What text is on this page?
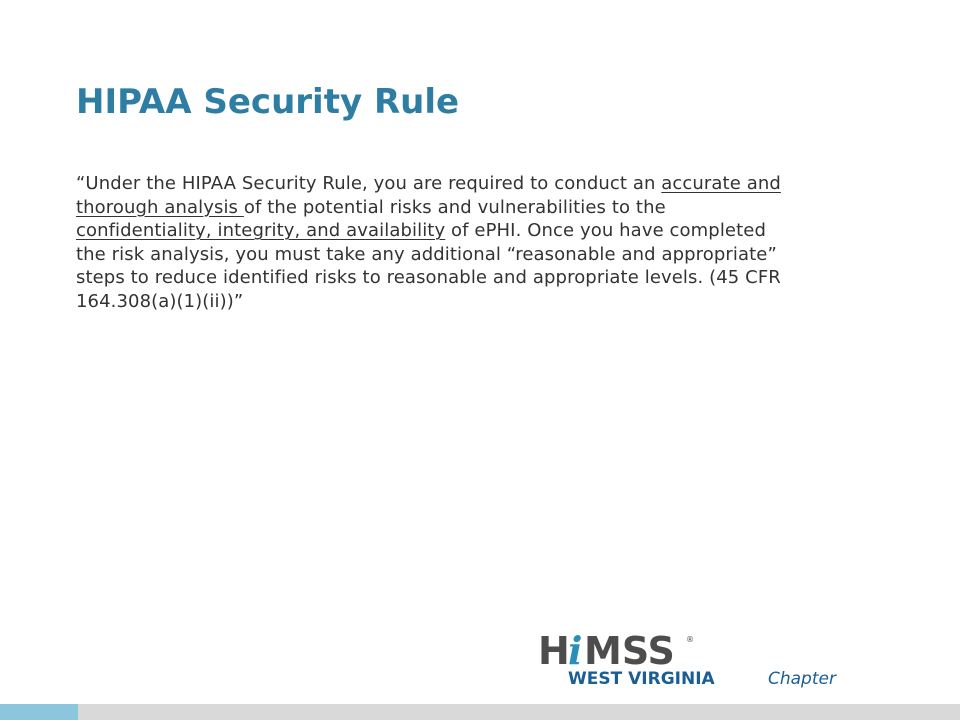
HIPAA Security Rule

“Under the HIPAA Security Rule, you are required to conduct an accurate and thorough analysis of the potential risks and vulnerabilities to the confidentiality, integrity, and availability of ePHI. Once you have completed the risk analysis, you must take any additional “reasonable and appropriate” steps to reduce identified risks to reasonable and appropriate levels. (45 CFR 164.308(a)(1)(ii))”

H
i MSS ®
WEST VIRGINIA	Chapter
